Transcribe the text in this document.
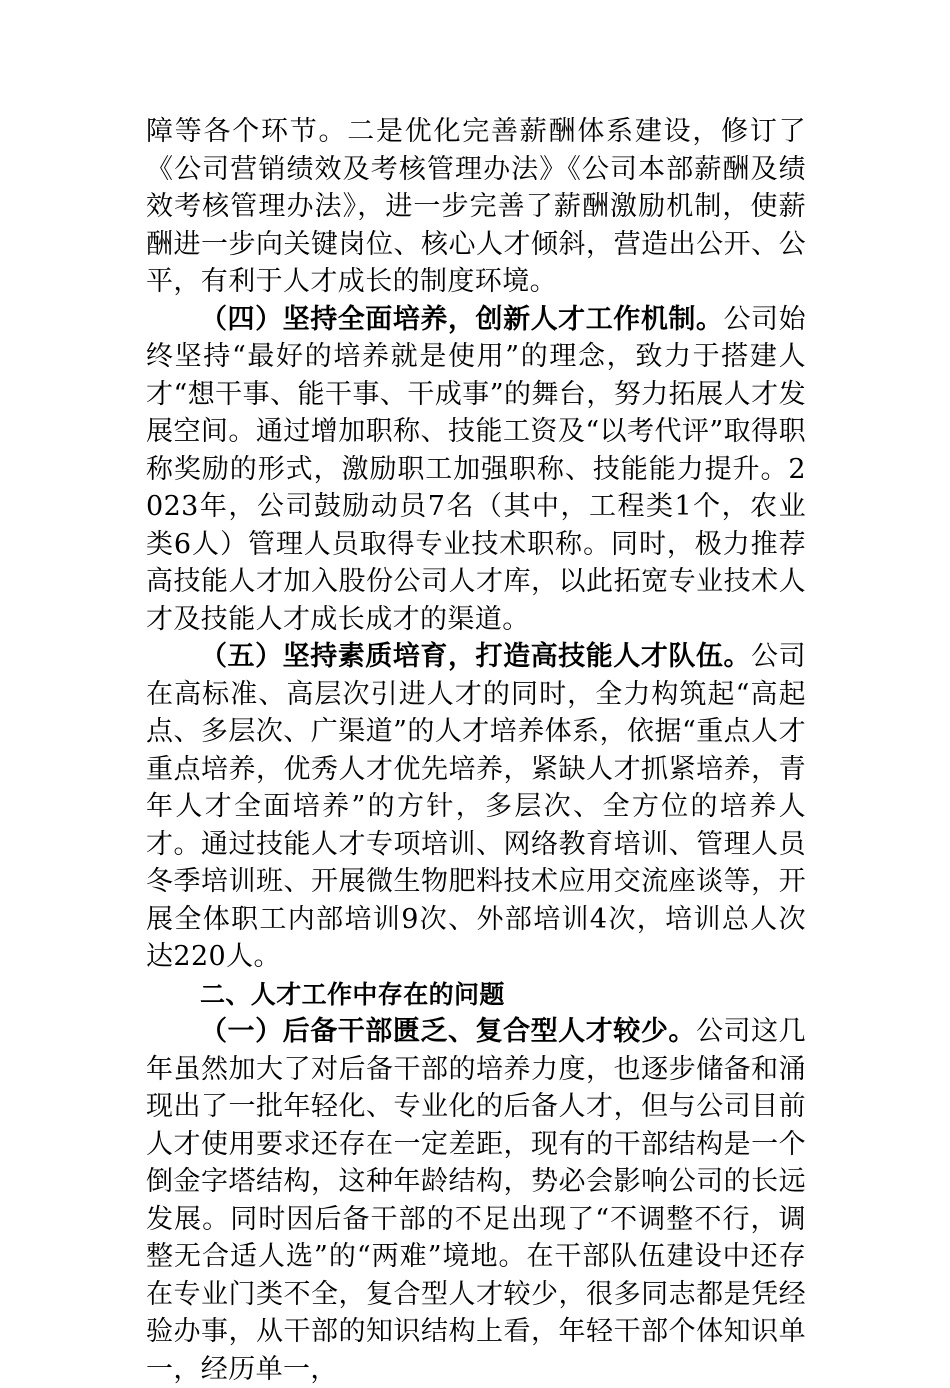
障等各个环节。二是优化完善薪酬体系建设，修订了《公司营销绩效及考核管理办法》《公司本部薪酬及绩效考核管理办法》，进一步完善了薪酬激励机制，使薪酬进一步向关键岗位、核心人才倾斜，营造出公开、公平，有利于人才成长的制度环境。

（四）坚持全面培养，创新人才工作机制。公司始终坚持“最好的培养就是使用”的理念，致力于搭建人才“想干事、能干事、干成事”的舞台，努力拓展人才发展空间。通过增加职称、技能工资及“以考代评”取得职称奖励的形式，激励职工加强职称、技能能力提升。2023年，公司鼓励动员7名（其中，工程类1个，农业类6人）管理人员取得专业技术职称。同时，极力推荐高技能人才加入股份公司人才库，以此拓宽专业技术人才及技能人才成长成才的渠道。

（五）坚持素质培育，打造高技能人才队伍。公司在高标准、高层次引进人才的同时，全力构筑起“高起点、多层次、广渠道”的人才培养体系，依据“重点人才重点培养，优秀人才优先培养，紧缺人才抓紧培养，青年人才全面培养”的方针，多层次、全方位的培养人才。通过技能人才专项培训、网络教育培训、管理人员冬季培训班、开展微生物肥料技术应用交流座谈等，开展全体职工内部培训9次、外部培训4次，培训总人次达220人。

二、人才工作中存在的问题

（一）后备干部匮乏、复合型人才较少。公司这几年虽然加大了对后备干部的培养力度，也逐步储备和涌现出了一批年轻化、专业化的后备人才，但与公司目前人才使用要求还存在一定差距，现有的干部结构是一个倒金字塔结构，这种年龄结构，势必会影响公司的长远发展。同时因后备干部的不足出现了“不调整不行，调整无合适人选”的“两难”境地。在干部队伍建设中还存在专业门类不全，复合型人才较少，很多同志都是凭经验办事，从干部的知识结构上看，年轻干部个体知识单一，经历单一，
